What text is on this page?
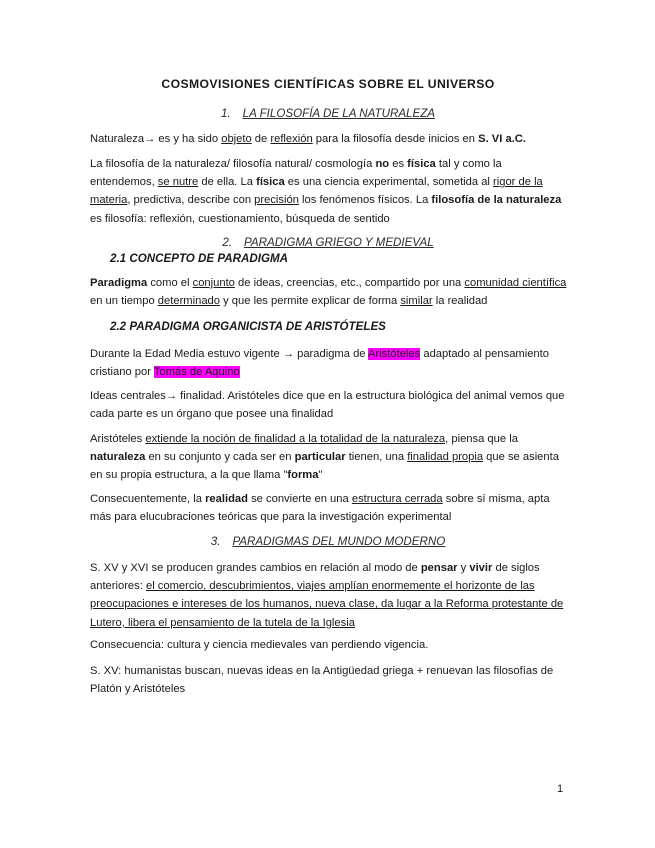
COSMOVISIONES CIENTÍFICAS SOBRE EL UNIVERSO
1. LA FILOSOFÍA DE LA NATURALEZA
Naturaleza→ es y ha sido objeto de reflexión para la filosofía desde inicios en S. VI a.C.
La filosofía de la naturaleza/ filosofía natural/ cosmología no es física tal y como la entendemos, se nutre de ella. La física es una ciencia experimental, sometida al rigor de la materia, predictiva, describe con precisión los fenómenos físicos. La filosofía de la naturaleza es filosofía: reflexión, cuestionamiento, búsqueda de sentido
2. PARADIGMA GRIEGO Y MEDIEVAL
2.1 CONCEPTO DE PARADIGMA
Paradigma como el conjunto de ideas, creencias, etc., compartido por una comunidad científica en un tiempo determinado y que les permite explicar de forma similar la realidad
2.2 PARADIGMA ORGANICISTA DE ARISTÓTELES
Durante la Edad Media estuvo vigente → paradigma de Aristóteles adaptado al pensamiento cristiano por Tomás de Aquino
Ideas centrales→ finalidad. Aristóteles dice que en la estructura biológica del animal vemos que cada parte es un órgano que posee una finalidad
Aristóteles extiende la noción de finalidad a la totalidad de la naturaleza, piensa que la naturaleza en su conjunto y cada ser en particular tienen, una finalidad propia que se asienta en su propia estructura, a la que llama "forma"
Consecuentemente, la realidad se convierte en una estructura cerrada sobre sí misma, apta más para elucubraciones teóricas que para la investigación experimental
3. PARADIGMAS DEL MUNDO MODERNO
S. XV y XVI se producen grandes cambios en relación al modo de pensar y vivir de siglos anteriores: el comercio, descubrimientos, viajes amplían enormemente el horizonte de las preocupaciones e intereses de los humanos, nueva clase, da lugar a la Reforma protestante de Lutero, libera el pensamiento de la tutela de la Iglesia
Consecuencia: cultura y ciencia medievales van perdiendo vigencia.
S. XV: humanistas buscan, nuevas ideas en la Antigüedad griega + renuevan las filosofías de Platón y Aristóteles
1
